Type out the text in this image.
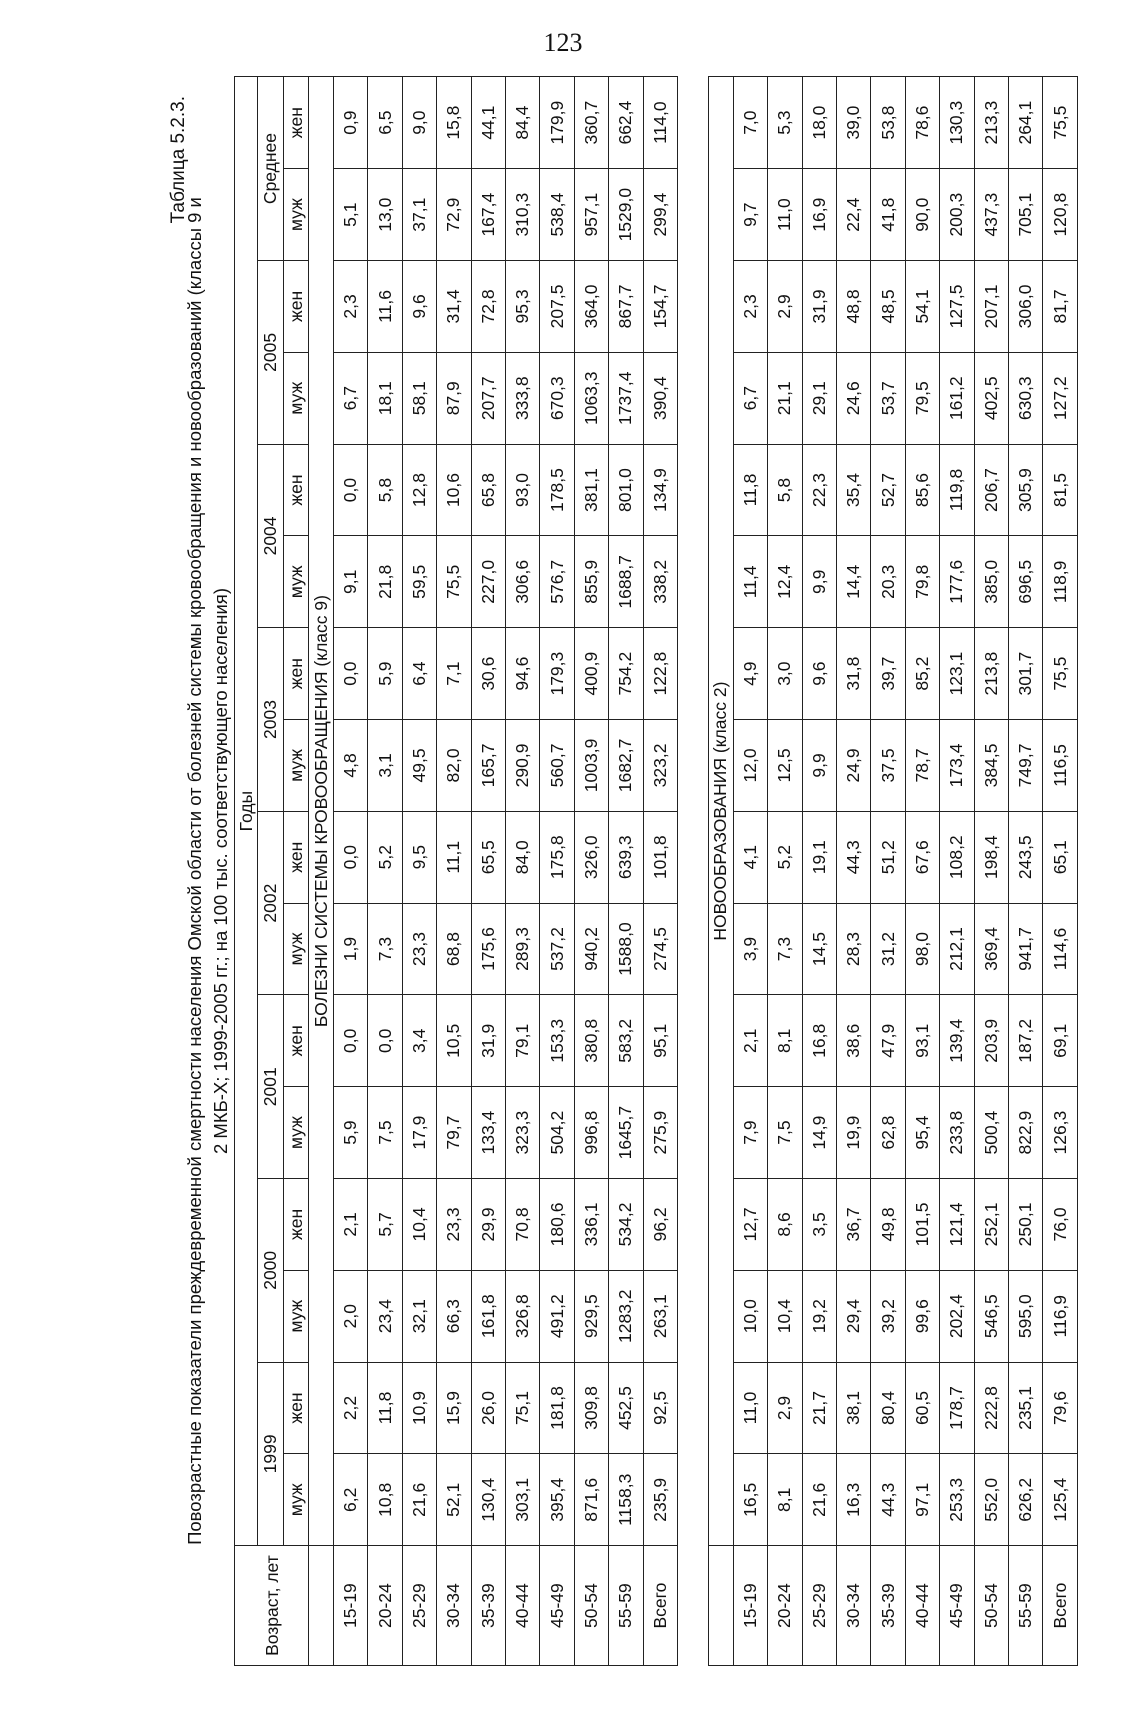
123
Таблица 5.2.3.
Повозрастные показатели преждевременной смертности населения Омской области от болезней системы кровообращения и новообразований (классы 9 и 2 МКБ-Х; 1999-2005 гг.; на 100 тыс. соответствующего населения)
Возраст, лет	Годы															
	1999		2000		2001		2002		2003		2004		2005		Среднее	
	муж	жен	муж	жен	муж	жен	муж	жен	муж	жен	муж	жен	муж	жен	муж	жен
	БОЛЕЗНИ СИСТЕМЫ КРОВООБРАЩЕНИЯ (класс 9)															
15-19	6,2	2,2	2,0	2,1	5,9	0,0	1,9	0,0	4,8	0,0	9,1	0,0	6,7	2,3	5,1	0,9
20-24	10,8	11,8	23,4	5,7	7,5	0,0	7,3	5,2	3,1	5,9	21,8	5,8	18,1	11,6	13,0	6,5
25-29	21,6	10,9	32,1	10,4	17,9	3,4	23,3	9,5	49,5	6,4	59,5	12,8	58,1	9,6	37,1	9,0
30-34	52,1	15,9	66,3	23,3	79,7	10,5	68,8	11,1	82,0	7,1	75,5	10,6	87,9	31,4	72,9	15,8
35-39	130,4	26,0	161,8	29,9	133,4	31,9	175,6	65,5	165,7	30,6	227,0	65,8	207,7	72,8	167,4	44,1
40-44	303,1	75,1	326,8	70,8	323,3	79,1	289,3	84,0	290,9	94,6	306,6	93,0	333,8	95,3	310,3	84,4
45-49	395,4	181,8	491,2	180,6	504,2	153,3	537,2	175,8	560,7	179,3	576,7	178,5	670,3	207,5	538,4	179,9
50-54	871,6	309,8	929,5	336,1	996,8	380,8	940,2	326,0	1003,9	400,9	855,9	381,1	1063,3	364,0	957,1	360,7
55-59	1158,3	452,5	1283,2	534,2	1645,7	583,2	1588,0	639,3	1682,7	754,2	1688,7	801,0	1737,4	867,7	1529,0	662,4
Всего	235,9	92,5	263,1	96,2	275,9	95,1	274,5	101,8	323,2	122,8	338,2	134,9	390,4	154,7	299,4	114,0

	НОВООБРАЗОВАНИЯ (класс 2)															
15-19	16,5	11,0	10,0	12,7	7,9	2,1	3,9	4,1	12,0	4,9	11,4	11,8	6,7	2,3	9,7	7,0
20-24	8,1	2,9	10,4	8,6	7,5	8,1	7,3	5,2	12,5	3,0	12,4	5,8	21,1	2,9	11,0	5,3
25-29	21,6	21,7	19,2	3,5	14,9	16,8	14,5	19,1	9,9	9,6	9,9	22,3	29,1	31,9	16,9	18,0
30-34	16,3	38,1	29,4	36,7	19,9	38,6	28,3	44,3	24,9	31,8	14,4	35,4	24,6	48,8	22,4	39,0
35-39	44,3	80,4	39,2	49,8	62,8	47,9	31,2	51,2	37,5	39,7	20,3	52,7	53,7	48,5	41,8	53,8
40-44	97,1	60,5	99,6	101,5	95,4	93,1	98,0	67,6	78,7	85,2	79,8	85,6	79,5	54,1	90,0	78,6
45-49	253,3	178,7	202,4	121,4	233,8	139,4	212,1	108,2	173,4	123,1	177,6	119,8	161,2	127,5	200,3	130,3
50-54	552,0	222,8	546,5	252,1	500,4	203,9	369,4	198,4	384,5	213,8	385,0	206,7	402,5	207,1	437,3	213,3
55-59	626,2	235,1	595,0	250,1	822,9	187,2	941,7	243,5	749,7	301,7	696,5	305,9	630,3	306,0	705,1	264,1
Всего	125,4	79,6	116,9	76,0	126,3	69,1	114,6	65,1	116,5	75,5	118,9	81,5	127,2	81,7	120,8	75,5
